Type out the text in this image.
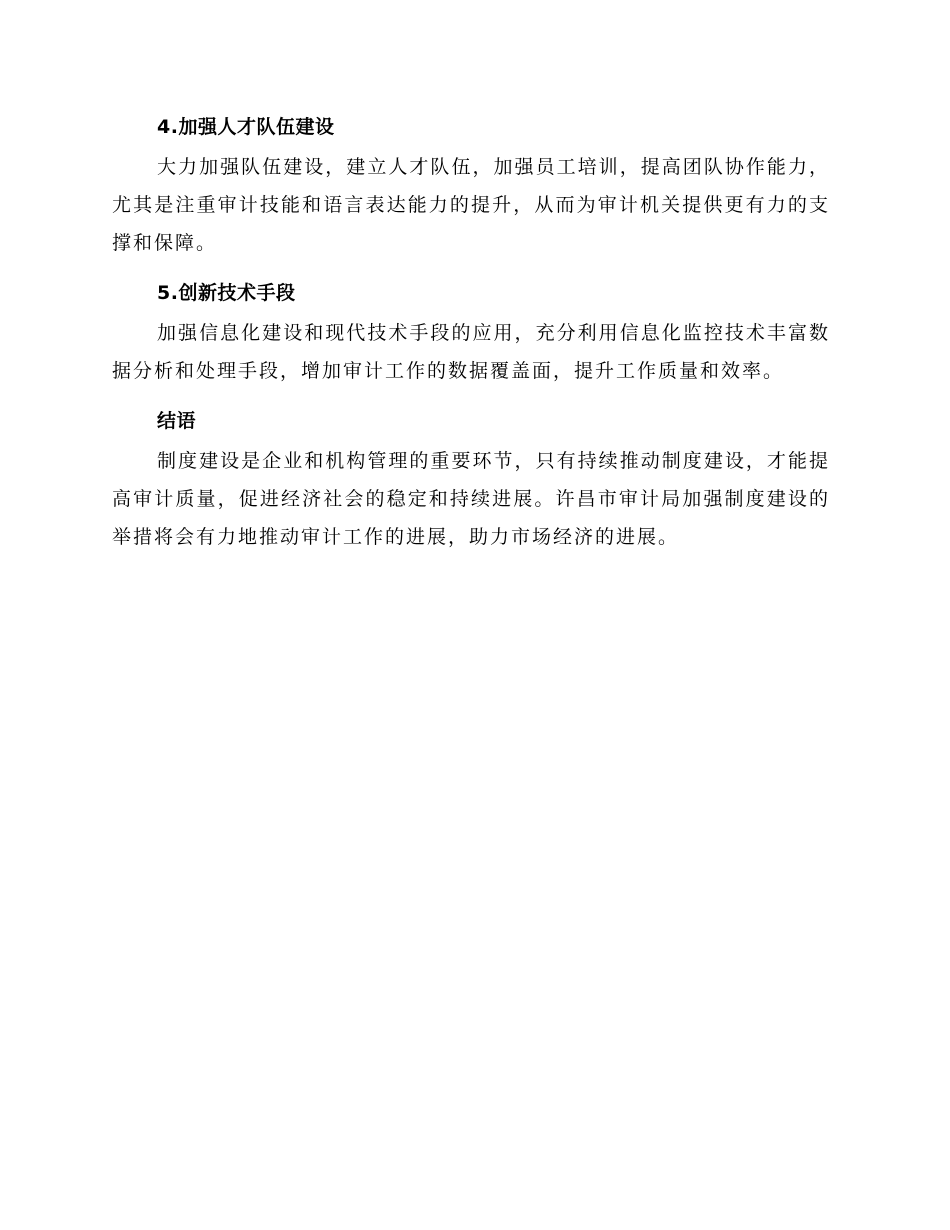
4.加强人才队伍建设

大力加强队伍建设，建立人才队伍，加强员工培训，提高团队协作能力，尤其是注重审计技能和语言表达能力的提升，从而为审计机关提供更有力的支撑和保障。

5.创新技术手段

加强信息化建设和现代技术手段的应用，充分利用信息化监控技术丰富数据分析和处理手段，增加审计工作的数据覆盖面，提升工作质量和效率。

结语

制度建设是企业和机构管理的重要环节，只有持续推动制度建设，才能提高审计质量，促进经济社会的稳定和持续进展。许昌市审计局加强制度建设的举措将会有力地推动审计工作的进展，助力市场经济的进展。
